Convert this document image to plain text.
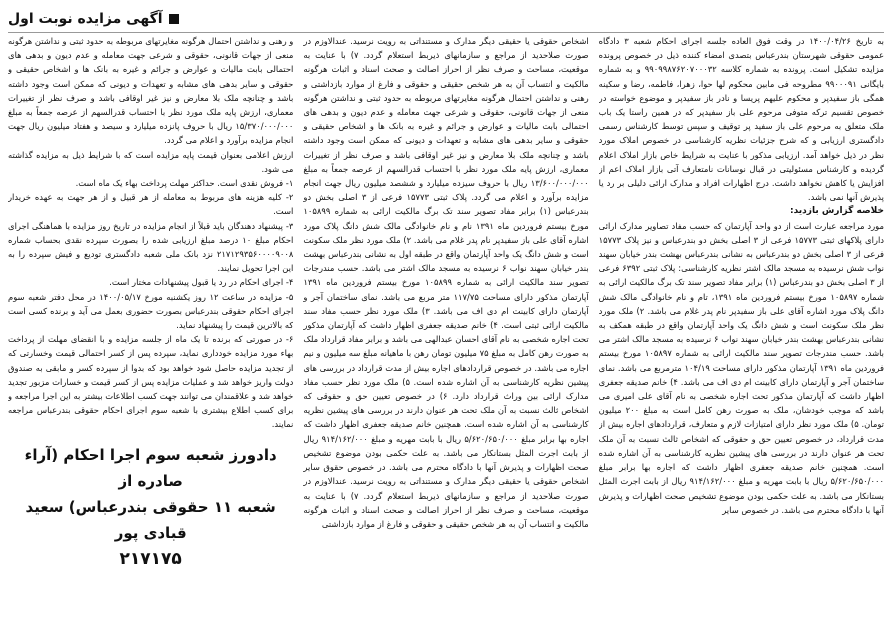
آگهی مزایده نوبت اول

به تاریخ ۱۴۰۰/۰۴/۲۶ در وقت فوق العاده جلسه اجرای احکام شعبه ۳ دادگاه عمومی حقوقی شهرستان بندرعباس بتصدی امضاء کننده ذیل در خصوص پرونده مزایده تشکیل است. پرونده به شماره کلاسه ۹۹۰۹۹۸۷۶۲۰۷۰۰۰۳۲ و به شماره بایگانی ۹۹۰۰۰۹۱ مطروحه فی مابین محکوم لها حوا، زهرا، فاطمه، رضا و سکینه همگی باز سفیدپر و محکوم علیهم پریسا و نادر باز سفیدپر و موضوع خواسته در خصوص تقسیم ترکه متوفی مرحوم علی باز سفیدپر که در همین راستا یک باب ملک متعلق به مرحوم علی باز سفید پر توقیف و سپس توسط کارشناس رسمی دادگستری ارزیابی و که شرح جزئیات نظریه کارشناسی در خصوص املاک مورد نظر در ذیل خواهد آمد. ارزیابی مذکور با عنایت به شرایط خاص بازار املاک اعلام گردیده و کارشناس مسئولیتی در قبال نوسانات نامتعارف آتی بازار املاک اعم از افزایش یا کاهش نخواهد داشت. درج اظهارات افراد و مدارک ارائی دلیلی بر رد یا پذیرش آنها نمی باشد.

خلاصه گزارش بازدید:

مورد مراجعه عبارت است از دو واحد آپارتمان که حسب مفاد تصاویر مدارک ارائی دارای پلاکهای ثبتی ۱۵۷۷۳ فرعی از ۳ اصلی بخش دو بندرعباس و نیز پلاک ۱۵۷۷۳ فرعی از ۳ اصلی بخش دو بندرعباس به نشانی بندرعباس بهشت بندر خیابان سهند نواب شش نرسیده به مسجد مالک اشتر نظریه کارشناسی: پلاک ثبتی ۶۳۹۲ فرعی از ۳ اصلی بخش دو بندرعباس (۱) برابر مفاد تصویر سند تک برگ مالکیت ارائی به شماره ۱۰۵۸۹۷ مورخ بیستم فروردین ماه ۱۳۹۱، تام و نام خانوادگی مالک شش دانگ پلاک مورد اشاره آقای علی باز سفیدپر نام پدر غلام می باشد. ۲) ملک مورد نظر ملک سکونت است و شش دانگ یک واحد آپارتمان واقع در طبقه همکف به نشانی بندرعباس بهشت بندر خیابان سهند نواب ۶ نرسیده به مسجد مالک اشتر می باشد. حسب مندرجات تصویر سند مالکیت ارائی به شماره ۱۰۵۸۹۷ مورخ بیستم فروردین ماه ۱۳۹۱ آپارتمان مذکور دارای مساحت ۱۰۴/۱۹ مترمربع می باشد. نمای ساختمان آجر و آپارتمان دارای کابینت ام دی اف می باشد. ۴) خانم صدیقه جعفری اظهار داشت که آپارتمان مذکور تحت اجاره شخصی به نام آقای علی امیری می باشد که موجب خودشان، ملک به صورت رهن کامل است به مبلغ ۲۰۰ میلیون تومان. ۵) ملک مورد نظر دارای امتیازات لازم و متعارف، قراردادهای اجاره بیش از مدت قرارداد، در خصوص تعیین حق و حقوقی که اشخاص ثالث نسبت به آن ملک تحت هر عنوان دارند در بررسی های پیشین نظریه کارشناسی به آن اشاره شده است. همچنین خانم صدیقه جعفری اظهار داشت که اجاره بها برابر مبلغ ۵/۶۲۰/۶۵۰/۰۰۰ ریال با بابت مهریه و مبلغ ۹۱۴/۱۶۲/۰۰۰ ریال از بابت اجرت المثل بستانکار می باشد. به علت حکمی بودن موضوع تشخیص صحت اظهارات و پذیرش آنها با دادگاه محترم می باشد. در خصوص سایر

اشخاص حقوقی یا حقیقی دیگر مدارک و مستنداتی به رویت نرسید. عندالاوزم در صورت صلاحدید از مراجع و سازمانهای ذیربط استعلام گردد. ۷) با عنایت به موقعیت، مساحت و صرف نظر از احراز اصالت و صحت اسناد و اثبات هرگونه مالکیت و انتساب آن به هر شخص حقیقی و حقوقی و فارغ از موارد بازداشتی و رهنی و نداشتن احتمال هرگونه مغایرتهای مربوطه به حدود ثبتی و نداشتن هرگونه منعی از جهات قانونی، حقوقی و شرعی جهت معامله و عدم دیون و بدهی های احتمالی بابت مالیات و عوارض و جرائم و غیره به بانک ها و اشخاص حقیقی و حقوقی و سایر بدهی های مشابه و تعهدات و دیونی که ممکن است وجود داشته باشد و چنانچه ملک بلا معارض و نیز غیر اوقافی باشد و صرف نظر از تغییرات معماری، ارزش پایه ملک مورد نظر با احتساب قدرالسهم از عرصه جمعاً به مبلغ ۱۳/۶۰۰/۰۰۰/۰۰۰ ریال با حروف سیزده میلیارد و ششصد میلیون ریال جهت انجام مزایده برآورد و اعلام می گردد. پلاک ثبتی ۱۵۷۷۳ فرعی از ۳ اصلی بخش دو بندرعباس (۱) برابر مفاد تصویر سند تک برگ مالکیت ارائی به شماره ۱۰۵۸۹۹ مورخ بیستم فروردین ماه ۱۳۹۱ نام و نام خانوادگی مالک شش دانگ پلاک مورد اشاره آقای علی باز سفیدپر نام پدر غلام می باشد. ۲) ملک مورد نظر ملک سکونت است و شش دانگ یک واحد آپارتمان واقع در طبقه اول به نشانی بندرعباس بهشت بندر خیابان سهند نواب ۶ نرسیده به مسجد مالک اشتر می باشد. حسب مندرجات تصویر سند مالکیت ارائی به شماره ۱۰۵۸۹۹ مورخ بیستم فروردین ماه ۱۳۹۱ آپارتمان مذکور دارای مساحت ۱۱۷/۷۵ متر مربع می باشد. نمای ساختمان آجر و آپارتمان دارای کابینت ام دی اف می باشد. ۳) ملک مورد نظر حسب مفاد سند مالکیت ارائی ثبتی است. ۴) خانم صدیقه جعفری اظهار داشت که آپارتمان مذکور تحت اجاره شخصی به نام آقای احسان عبدالهی می باشد و برابر مفاد قرارداد ملک به صورت رهن کامل به مبلغ ۷۵ میلیون تومان رهن با ماهیانه مبلغ سه میلیون و نیم اجاره می باشد. در خصوص قراردادهای اجاره بیش از مدت قرارداد در بررسی های پیشین نظریه کارشناسی به آن اشاره شده است. ۵) ملک مورد نظر حسب مفاد مدارک ارائی بین وراث قرارداد دارد. ۶) در خصوص تعیین حق و حقوقی که اشخاص ثالث نسبت به آن ملک تحت هر عنوان دارند در بررسی های پیشین نظریه کارشناسی به آن اشاره شده است. همچنین خانم صدیقه جعفری اظهار داشت که اجاره بها برابر مبلغ ۵/۶۲۰/۶۵۰/۰۰۰ ریال با بابت مهریه و مبلغ ۹۱۴/۱۶۲/۰۰۰ ریال از بابت اجرت المثل بستانکار می باشد. به علت حکمی بودن موضوع تشخیص صحت اظهارات و پذیرش آنها با دادگاه محترم می باشد. در خصوص حقوق سایر اشخاص حقوقی یا حقیقی دیگر مدارک و مستنداتی به رویت نرسید. عندالاوزم در صورت صلاحدید از مراجع و سازمانهای ذیربط استعلام گردد. ۷) با عنایت به موقعیت، مساحت و صرف نظر از احراز اصالت و صحت اسناد و اثبات هرگونه مالکیت و انتساب آن به هر شخص حقیقی و حقوقی و فارغ از موارد بازداشتی

و رهنی و نداشتن احتمال هرگونه مغایرتهای مربوطه به حدود ثبتی و نداشتن هرگونه منعی از جهات قانونی، حقوقی و شرعی جهت معامله و عدم دیون و بدهی های احتمالی بابت مالیات و عوارض و جرائم و غیره به بانک ها و اشخاص حقیقی و حقوقی و سایر بدهی های مشابه و تعهدات و دیونی که ممکن است وجود داشته باشد و چنانچه ملک بلا معارض و نیز غیر اوقافی باشد و صرف نظر از تغییرات معماری، ارزش پایه ملک مورد نظر با احتساب قدرالسهم از عرصه جمعاً به مبلغ ۱۵/۳۷۰/۰۰۰/۰۰۰ ریال با حروف پانزده میلیارد و سیصد و هفتاد میلیون ریال جهت انجام مزایده برآورد و اعلام می گردد.

ارزش اعلامی بعنوان قیمت پایه مزایده است که با شرایط ذیل به مزایده گذاشته می شود.

۱- فروش نقدی است. حداکثر مهلت پرداخت بهاء یک ماه است.

۲- کلیه هزینه های مربوط به معامله از هر قبیل و از هر جهت به عهده خریدار است.

۳- پیشنهاد دهندگان باید قبلاً از انجام مزایده در تاریخ روز مزایده با هماهنگی اجرای احکام مبلغ ۱۰ درصد مبلغ ارزیابی شده را بصورت سپرده نقدی بحساب شماره ۲۱۷۱۲۹۳۵۶۰۰۰۰۹۰۰۸ نزد بانک ملی شعبه دادگستری تودیع و فیش سپرده را به این اجرا تحویل نمایند.

۴- اجرای احکام در رد یا قبول پیشنهادات مختار است.

۵- مزایده در ساعت ۱۲ روز یکشنبه مورخ ۱۴۰۰/۰۵/۱۷ در محل دفتر شعبه سوم اجرای احکام حقوقی بندرعباس بصورت حضوری بعمل می آید و برنده کسی است که بالاترین قیمت را پیشنهاد نماید.

۶- در صورتی که برنده تا یک ماه از جلسه مزایده و با انقضای مهلت از پرداخت بهاء مورد مزایده خودداری نماید، سپرده پس از کسر احتمالی قیمت وخسارتی که از تجدید مزایده حاصل شود خواهد بود که بدوا از سپرده کسر و مابقی به صندوق دولت واریز خواهد شد و عملیات مزایده پس از کسر قیمت و خسارات مزبور تجدید خواهد شد و علاقمندان می توانند جهت کسب اطلاعات بیشتر به این اجرا مراجعه و برای کسب اطلاع بیشتری با شعبه سوم اجرای احکام حقوقی بندرعباس مراجعه نمایند.

دادورز شعبه سوم اجرا احکام (آراء صادره از
شعبه ۱۱ حقوقی بندرعباس) سعید قبادی پور
۲۱۷۱۷۵
